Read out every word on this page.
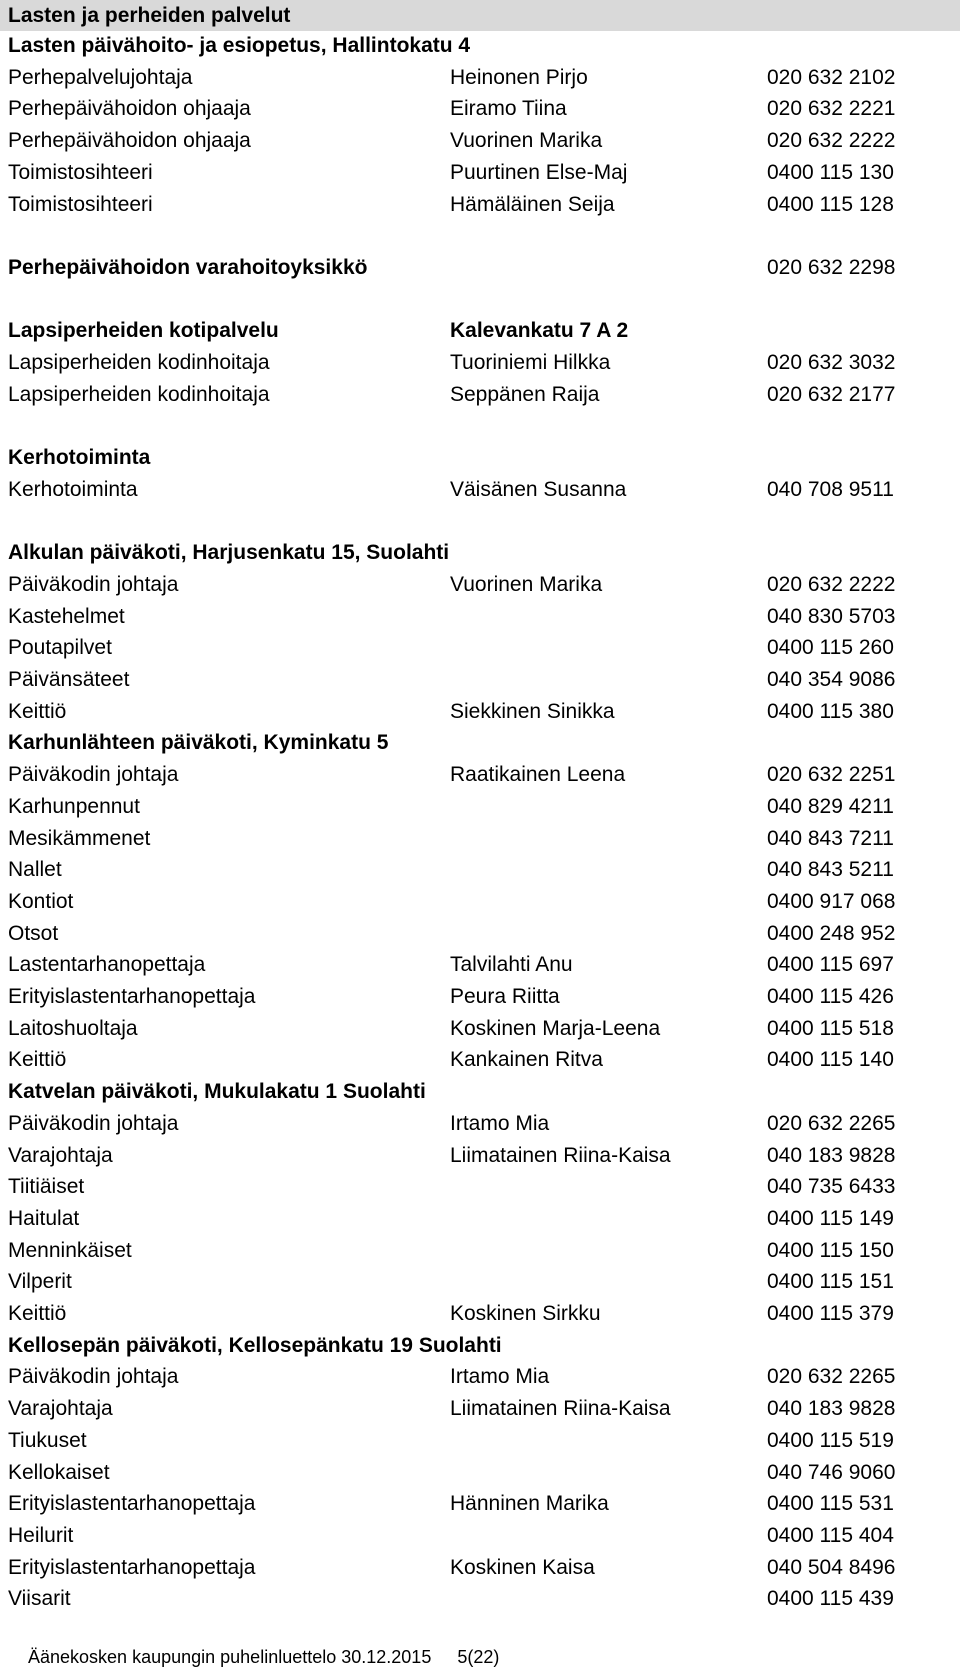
Lasten ja perheiden palvelut
Lasten päivähoito- ja esiopetus, Hallintokatu 4
Perhepalvelujohtaja	Heinonen Pirjo	020 632 2102
Perhepäivähoidon ohjaaja	Eiramo Tiina	020 632 2221
Perhepäivähoidon ohjaaja	Vuorinen Marika	020 632 2222
Toimistosihteeri	Puurtinen Else-Maj	0400 115 130
Toimistosihteeri	Hämäläinen Seija	0400 115 128
Perhepäivähoidon varahoitoyksikkö	020 632 2298
Lapsiperheiden kotipalvelu	Kalevankatu 7 A 2
Lapsiperheiden kodinhoitaja	Tuoriniemi Hilkka	020 632 3032
Lapsiperheiden kodinhoitaja	Seppänen Raija	020 632 2177
Kerhotoiminta
Kerhotoiminta	Väisänen Susanna	040 708 9511
Alkulan päiväkoti, Harjusenkatu 15, Suolahti
Päiväkodin johtaja	Vuorinen Marika	020 632 2222
Kastehelmet	040 830 5703
Poutapilvet	0400 115 260
Päivänsäteet	040 354 9086
Keittiö	Siekkinen Sinikka	0400 115 380
Karhunlähteen päiväkoti, Kyminkatu 5
Päiväkodin johtaja	Raatikainen Leena	020 632 2251
Karhunpennut	040 829 4211
Mesikämmenet	040 843 7211
Nallet	040 843 5211
Kontiot	0400 917 068
Otsot	0400 248 952
Lastentarhanopettaja	Talvilahti Anu	0400 115 697
Erityislastentarhanopettaja	Peura Riitta	0400 115 426
Laitoshuoltaja	Koskinen Marja-Leena	0400 115 518
Keittiö	Kankainen Ritva	0400 115 140
Katvelan päiväkoti, Mukulakatu 1 Suolahti
Päiväkodin johtaja	Irtamo Mia	020 632 2265
Varajohtaja	Liimatainen Riina-Kaisa	040 183 9828
Tiitiäiset	040 735 6433
Haitulat	0400 115 149
Menninkäiset	0400 115 150
Vilperit	0400 115 151
Keittiö	Koskinen Sirkku	0400 115 379
Kellosepän päiväkoti, Kellosepänkatu 19 Suolahti
Päiväkodin johtaja	Irtamo Mia	020 632 2265
Varajohtaja	Liimatainen Riina-Kaisa	040 183 9828
Tiukuset	0400 115 519
Kellokaiset	040 746 9060
Erityislastentarhanopettaja	Hänninen Marika	0400 115 531
Heilurit	0400 115 404
Erityislastentarhanopettaja	Koskinen Kaisa	040 504 8496
Viisarit	0400 115 439
Äänekosken kaupungin puhelinluettelo 30.12.2015 5(22)
